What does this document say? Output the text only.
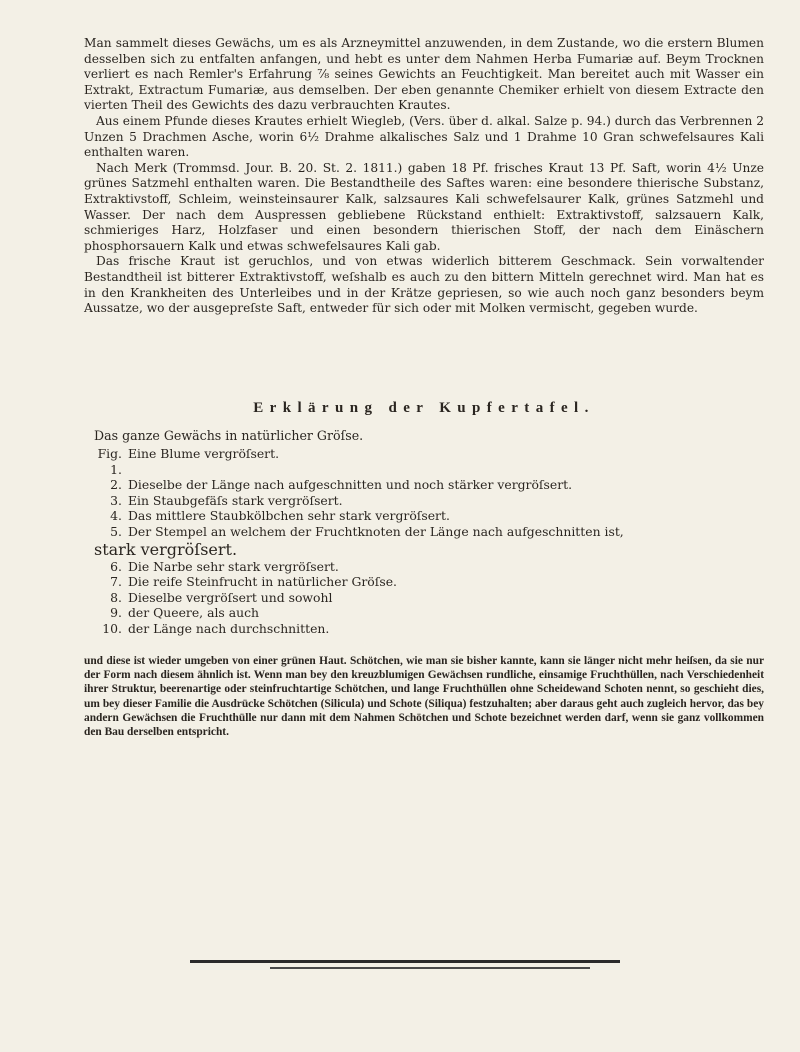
Man sammelt dieses Gewächs, um es als Arzneymittel anzuwenden, in dem Zustande, wo die erstern Blumen desselben sich zu entfalten anfangen, und hebt es unter dem Nahmen Herba Fumariæ auf. Beym Trocknen verliert es nach Remler's Erfahrung ⅞ seines Gewichts an Feuchtigkeit. Man bereitet auch mit Wasser ein Extrakt, Extractum Fumariæ, aus demselben. Der eben genannte Chemiker erhielt von diesem Extracte den vierten Theil des Gewichts des dazu verbrauchten Krautes.

Aus einem Pfunde dieses Krautes erhielt Wiegleb, (Vers. über d. alkal. Salze p. 94.) durch das Verbrennen 2 Unzen 5 Drachmen Asche, worin 6½ Drahme alkalisches Salz und 1 Drahme 10 Gran schwefelsaures Kali enthalten waren.

Nach Merk (Trommsd. Jour. B. 20. St. 2. 1811.) gaben 18 Pf. frisches Kraut 13 Pf. Saft, worin 4½ Unze grünes Satzmehl enthalten waren. Die Bestandtheile des Saftes waren: eine besondere thierische Substanz, Extraktivstoff, Schleim, weinsteinsaurer Kalk, salzsaures Kali schwefelsaurer Kalk, grünes Satzmehl und Wasser. Der nach dem Auspressen gebliebene Rückstand enthielt: Extraktivstoff, salzsauern Kalk, schmieriges Harz, Holzfaser und einen besondern thierischen Stoff, der nach dem Einäschern phosphorsauern Kalk und etwas schwefelsaures Kali gab.

Das frische Kraut ist geruchlos, und von etwas widerlich bitterem Geschmack. Sein vorwaltender Bestandtheil ist bitterer Extraktivstoff, weſshalb es auch zu den bittern Mitteln gerechnet wird. Man hat es in den Krankheiten des Unterleibes und in der Krätze gepriesen, so wie auch noch ganz besonders beym Aussatze, wo der ausgepreſste Saft, entweder für sich oder mit Molken vermischt, gegeben wurde.

Erklärung der Kupfertafel.

Das ganze Gewächs in natürlicher Gröſse.

Fig. 1.
Eine Blume vergröſsert.
2. Dieselbe der Länge nach aufgeschnitten und noch stärker vergröſsert.
3. Ein Staubgefäſs stark vergröſsert.
4. Das mittlere Staubkölbchen sehr stark vergröſsert.
5. Der Stempel an welchem der Fruchtknoten der Länge nach aufgeschnitten ist,
stark vergröſsert.
6. Die Narbe sehr stark vergröſsert.
7. Die reife Steinfrucht in natürlicher Gröſse.
8. Dieselbe vergröſsert und sowohl
9. der Queere, als auch
10. der Länge nach durchschnitten.
und diese ist wieder umgeben von einer grünen Haut. Schötchen, wie man sie bisher kannte, kann sie länger nicht mehr heiſsen, da sie nur der Form nach diesem ähnlich ist. Wenn man bey den kreuzblumigen Gewächsen rundliche, einsamige Fruchthüllen, nach Verschiedenheit ihrer Struktur, beerenartige oder steinfruchtartige Schötchen, und lange Fruchthüllen ohne Scheidewand Schoten nennt, so geschieht dies, um bey dieser Familie die Ausdrücke Schötchen (Silicula) und Schote (Siliqua) festzuhalten; aber daraus geht auch zugleich hervor, das bey andern Gewächsen die Fruchthülle nur dann mit dem Nahmen Schötchen und Schote bezeichnet werden darf, wenn sie ganz vollkommen den Bau derselben entspricht.
